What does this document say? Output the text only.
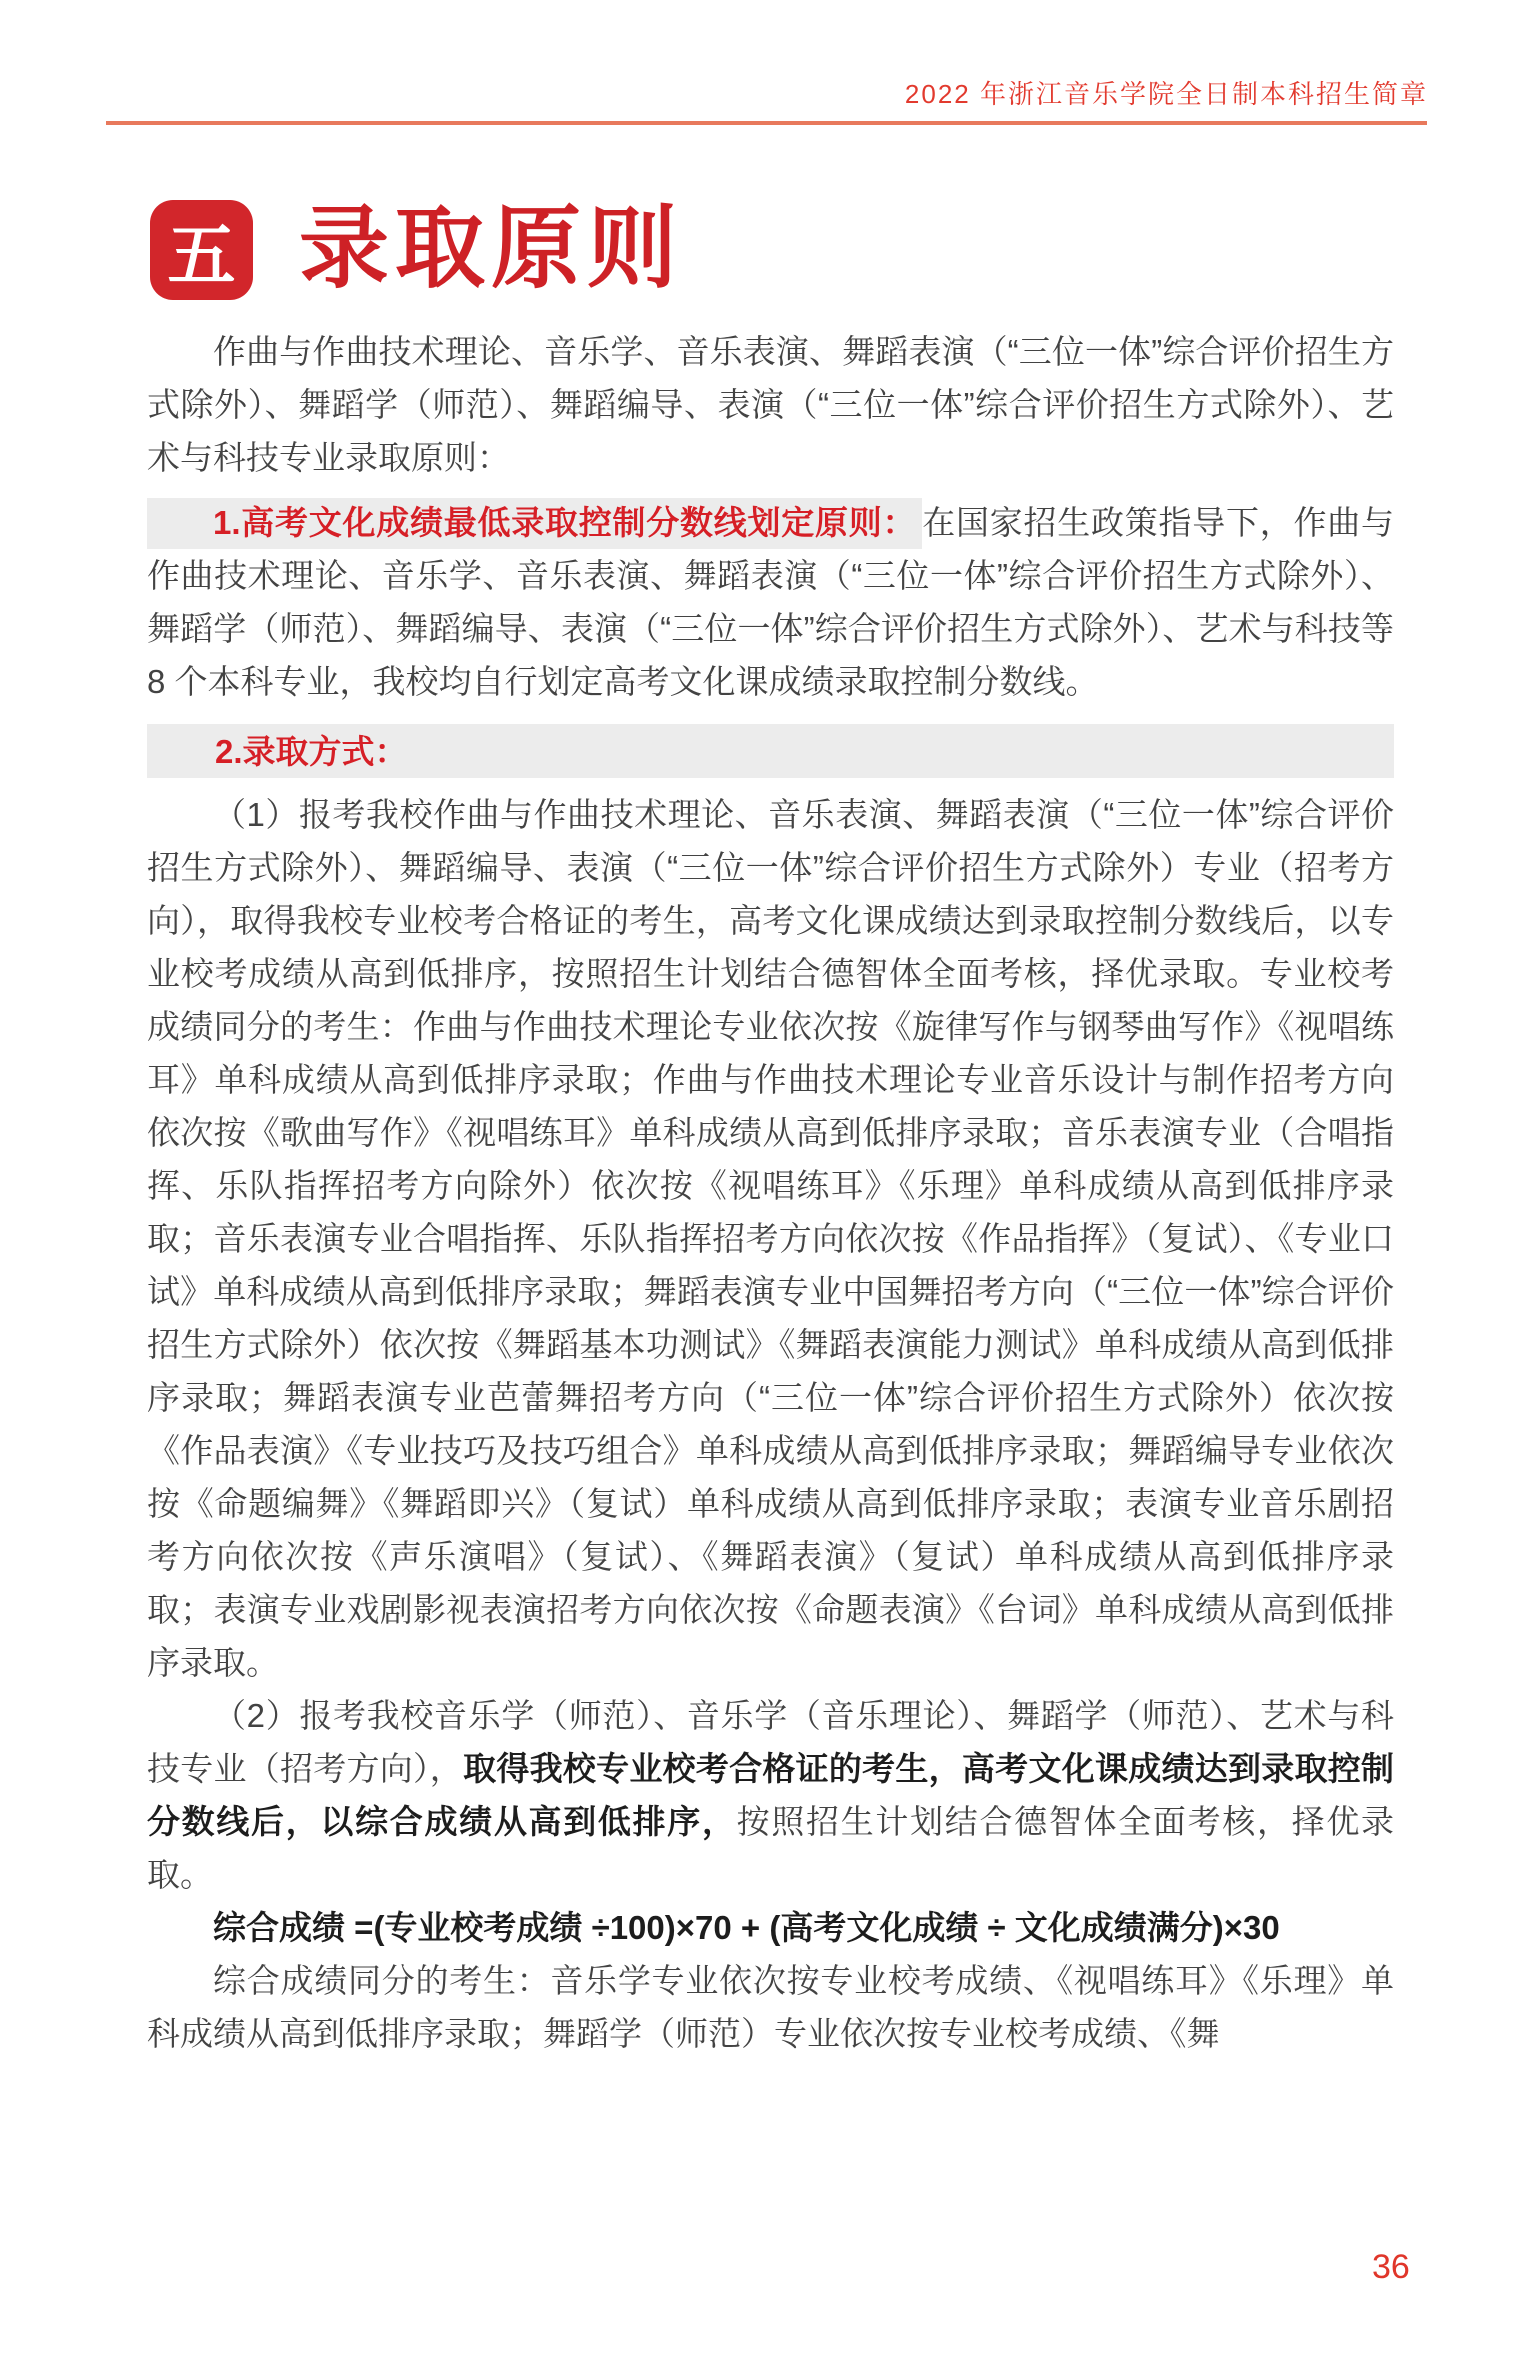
2022 年浙江音乐学院全日制本科招生简章
五 录取原则

作曲与作曲技术理论、音乐学、音乐表演、舞蹈表演（“三位一体”综合评价招生方式除外）、舞蹈学（师范）、舞蹈编导、表演（“三位一体”综合评价招生方式除外）、艺术与科技专业录取原则：

1.高考文化成绩最低录取控制分数线划定原则： 在国家招生政策指导下，作曲与作曲技术理论、音乐学、音乐表演、舞蹈表演（“三位一体”综合评价招生方式除外）、舞蹈学（师范）、舞蹈编导、表演（“三位一体”综合评价招生方式除外）、艺术与科技等 8 个本科专业，我校均自行划定高考文化课成绩录取控制分数线。

2.录取方式：

（1）报考我校作曲与作曲技术理论、音乐表演、舞蹈表演（“三位一体”综合评价招生方式除外）、舞蹈编导、表演（“三位一体”综合评价招生方式除外）专业（招考方向），取得我校专业校考合格证的考生，高考文化课成绩达到录取控制分数线后，以专业校考成绩从高到低排序，按照招生计划结合德智体全面考核，择优录取。专业校考成绩同分的考生：作曲与作曲技术理论专业依次按《旋律写作与钢琴曲写作》《视唱练耳》单科成绩从高到低排序录取；作曲与作曲技术理论专业音乐设计与制作招考方向依次按《歌曲写作》《视唱练耳》单科成绩从高到低排序录取；音乐表演专业（合唱指挥、乐队指挥招考方向除外）依次按《视唱练耳》《乐理》单科成绩从高到低排序录取；音乐表演专业合唱指挥、乐队指挥招考方向依次按《作品指挥》（复试）、《专业口试》单科成绩从高到低排序录取；舞蹈表演专业中国舞招考方向（“三位一体”综合评价招生方式除外）依次按《舞蹈基本功测试》《舞蹈表演能力测试》单科成绩从高到低排序录取；舞蹈表演专业芭蕾舞招考方向（“三位一体”综合评价招生方式除外）依次按《作品表演》《专业技巧及技巧组合》单科成绩从高到低排序录取；舞蹈编导专业依次按《命题编舞》《舞蹈即兴》（复试）单科成绩从高到低排序录取；表演专业音乐剧招考方向依次按《声乐演唱》（复试）、《舞蹈表演》（复试）单科成绩从高到低排序录取；表演专业戏剧影视表演招考方向依次按《命题表演》《台词》单科成绩从高到低排序录取。

（2）报考我校音乐学（师范）、音乐学（音乐理论）、舞蹈学（师范）、艺术与科技专业（招考方向），取得我校专业校考合格证的考生，高考文化课成绩达到录取控制分数线后，以综合成绩从高到低排序，按照招生计划结合德智体全面考核，择优录取。

综合成绩 =(专业校考成绩 ÷100)×70 + (高考文化成绩 ÷ 文化成绩满分)×30

综合成绩同分的考生：音乐学专业依次按专业校考成绩、《视唱练耳》《乐理》单科成绩从高到低排序录取；舞蹈学（师范）专业依次按专业校考成绩、《舞

36
